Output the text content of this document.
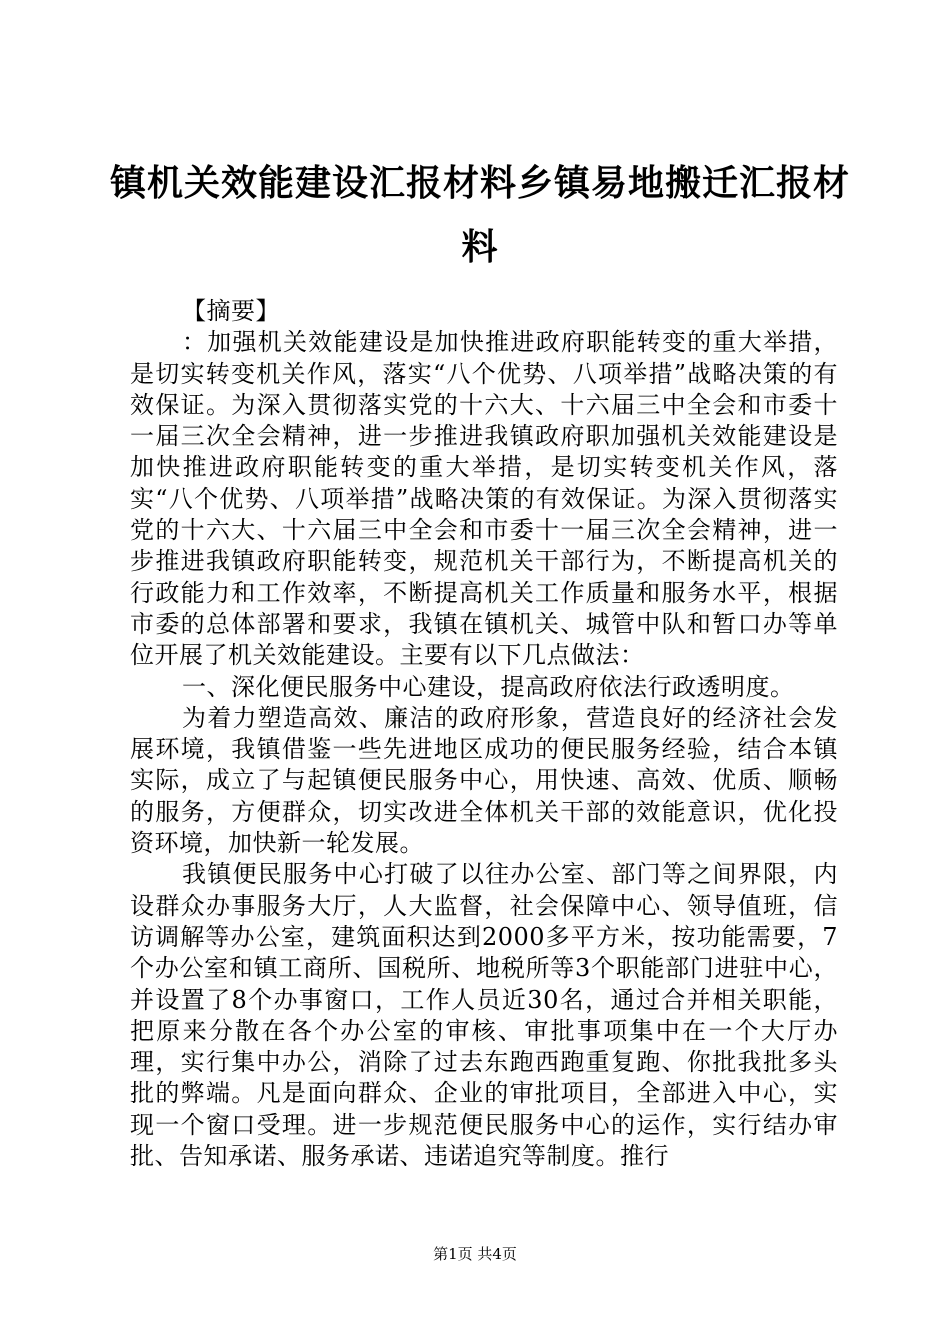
镇机关效能建设汇报材料乡镇易地搬迁汇报材料

【摘要】

：加强机关效能建设是加快推进政府职能转变的重大举措，是切实转变机关作风，落实“八个优势、八项举措”战略决策的有效保证。为深入贯彻落实党的十六大、十六届三中全会和市委十一届三次全会精神，进一步推进我镇政府职加强机关效能建设是加快推进政府职能转变的重大举措，是切实转变机关作风，落实“八个优势、八项举措”战略决策的有效保证。为深入贯彻落实党的十六大、十六届三中全会和市委十一届三次全会精神，进一步推进我镇政府职能转变，规范机关干部行为，不断提高机关的行政能力和工作效率，不断提高机关工作质量和服务水平，根据市委的总体部署和要求，我镇在镇机关、城管中队和暂口办等单位开展了机关效能建设。主要有以下几点做法：

一、深化便民服务中心建设，提高政府依法行政透明度。

为着力塑造高效、廉洁的政府形象，营造良好的经济社会发展环境，我镇借鉴一些先进地区成功的便民服务经验，结合本镇实际，成立了与起镇便民服务中心，用快速、高效、优质、顺畅的服务，方便群众，切实改进全体机关干部的效能意识，优化投资环境，加快新一轮发展。

我镇便民服务中心打破了以往办公室、部门等之间界限，内设群众办事服务大厅，人大监督，社会保障中心、领导值班，信访调解等办公室，建筑面积达到2000多平方米，按功能需要，7个办公室和镇工商所、国税所、地税所等3个职能部门进驻中心，并设置了8个办事窗口，工作人员近30名，通过合并相关职能，把原来分散在各个办公室的审核、审批事项集中在一个大厅办理，实行集中办公，消除了过去东跑西跑重复跑、你批我批多头批的弊端。凡是面向群众、企业的审批项目，全部进入中心，实现一个窗口受理。进一步规范便民服务中心的运作，实行结办审批、告知承诺、服务承诺、违诺追究等制度。推行

第1页 共4页
